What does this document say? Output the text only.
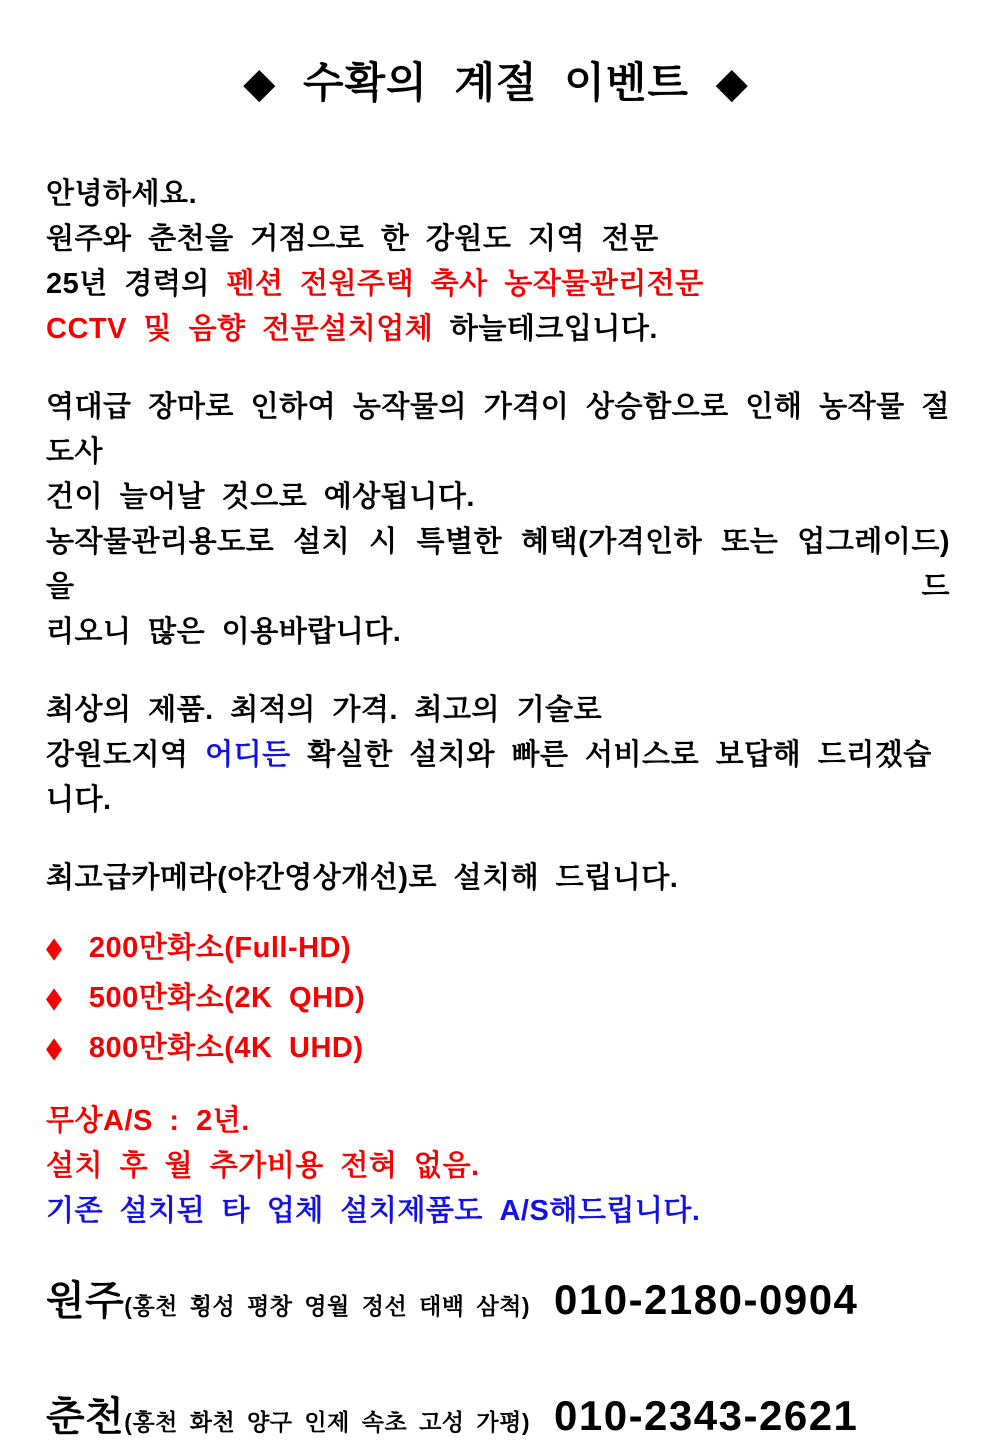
◆ 수확의 계절 이벤트 ◆
안녕하세요.
원주와 춘천을 거점으로 한 강원도 지역 전문
25년 경력의 펜션 전원주택 축사 농작물관리전문
CCTV 및 음향 전문설치업체 하늘테크입니다.
역대급 장마로 인하여 농작물의 가격이 상승함으로 인해 농작물 절도사
건이 늘어날 것으로 예상됩니다.
농작물관리용도로 설치 시 특별한 혜택(가격인하 또는 업그레이드)을 드
리오니 많은 이용바랍니다.
최상의 제품. 최적의 가격. 최고의 기술로
강원도지역 어디든 확실한 설치와 빠른 서비스로 보답해 드리겠습니다.
최고급카메라(야간영상개선)로 설치해 드립니다.
◆ 200만화소(Full-HD)
◆ 500만화소(2K QHD)
◆ 800만화소(4K UHD)
무상A/S : 2년.
설치 후 월 추가비용 전혀 없음.
기존 설치된 타 업체 설치제품도 A/S해드립니다.
원주 (홍천 횡성 평창 영월 정선 태백 삼척) 010-2180-0904
춘천 (홍천 화천 양구 인제 속초 고성 가평) 010-2343-2621
